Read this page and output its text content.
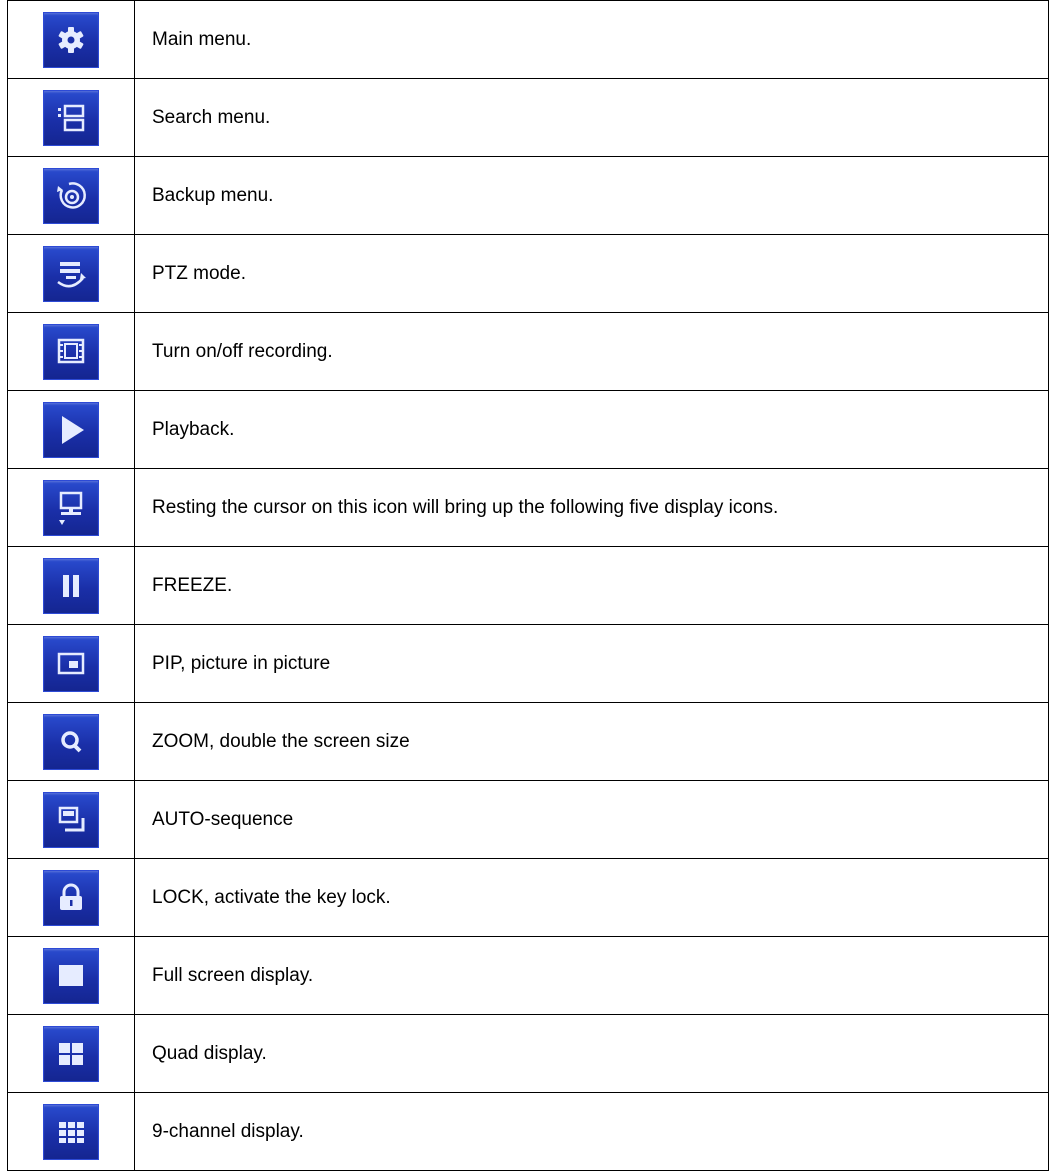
	Main menu.

	Search menu.

	Backup menu.

	PTZ mode.

	Turn on/off recording.

	Playback.

	Resting the cursor on this icon will bring up the following five display icons.

	FREEZE.

	PIP, picture in picture

	ZOOM, double the screen size

	AUTO-sequence

	LOCK, activate the key lock.

	Full screen display.

	Quad display.

	9-channel display.
